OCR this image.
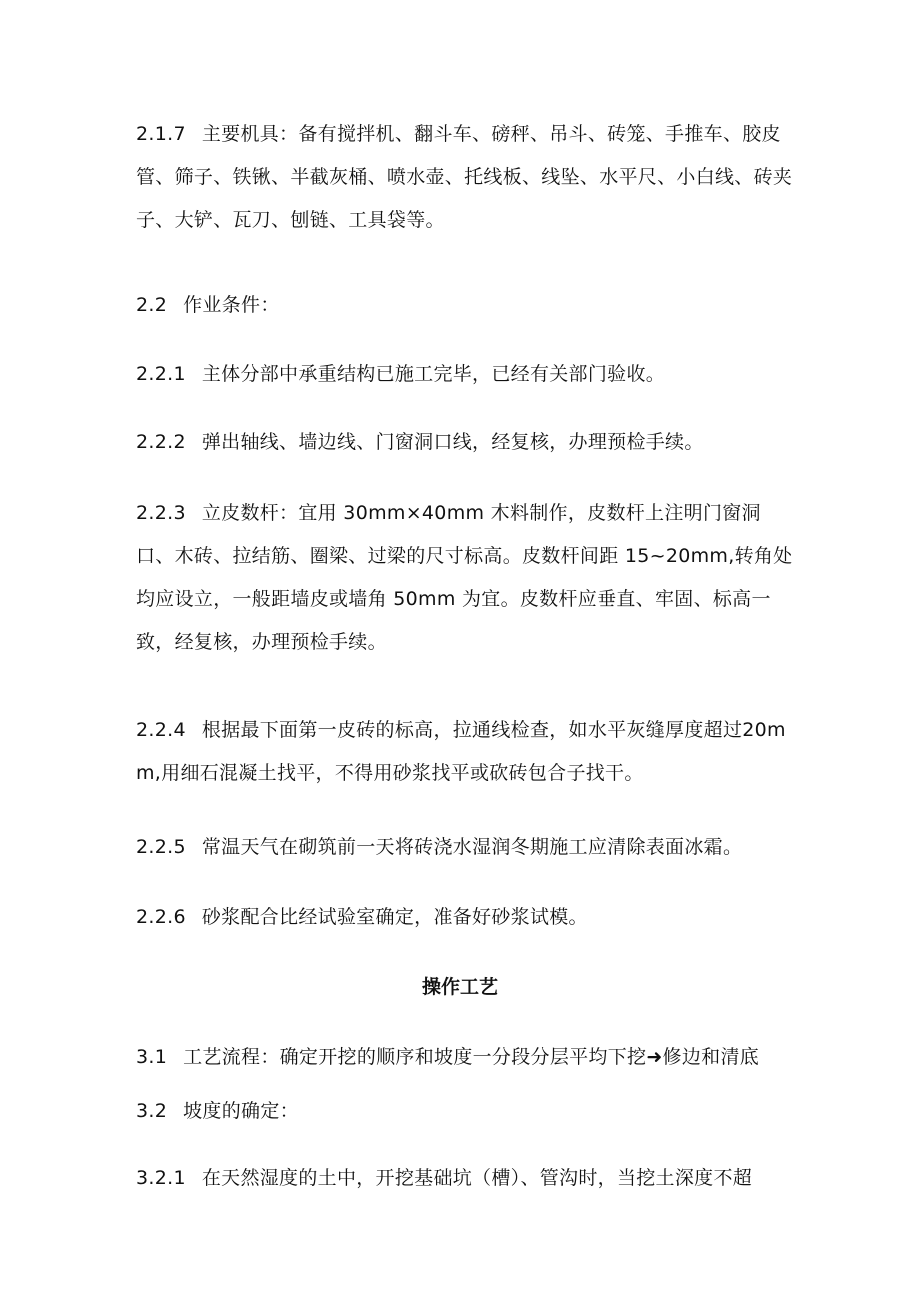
2.1.7 主要机具：备有搅拌机、翻斗车、磅秤、吊斗、砖笼、手推车、胶皮管、筛子、铁锹、半截灰桶、喷水壶、托线板、线坠、水平尺、小白线、砖夹子、大铲、瓦刀、刨链、工具袋等。

2.2 作业条件：

2.2.1 主体分部中承重结构已施工完毕，已经有关部门验收。

2.2.2 弹出轴线、墙边线、门窗洞口线，经复核，办理预检手续。

2.2.3 立皮数杆：宜用 30mm×40mm 木料制作，皮数杆上注明门窗洞口、木砖、拉结筋、圈梁、过梁的尺寸标高。皮数杆间距 15~20mm,转角处均应设立，一般距墙皮或墙角 50mm 为宜。皮数杆应垂直、牢固、标高一致，经复核，办理预检手续。

2.2.4 根据最下面第一皮砖的标高，拉通线检查，如水平灰缝厚度超过20mm,用细石混凝土找平，不得用砂浆找平或砍砖包合子找干。

2.2.5 常温天气在砌筑前一天将砖浇水湿润冬期施工应清除表面冰霜。

2.2.6 砂浆配合比经试验室确定，准备好砂浆试模。

操作工艺

3.1 工艺流程：确定开挖的顺序和坡度一分段分层平均下挖➜修边和清底

3.2 坡度的确定：

3.2.1 在天然湿度的土中，开挖基础坑（槽）、管沟时，当挖土深度不超
